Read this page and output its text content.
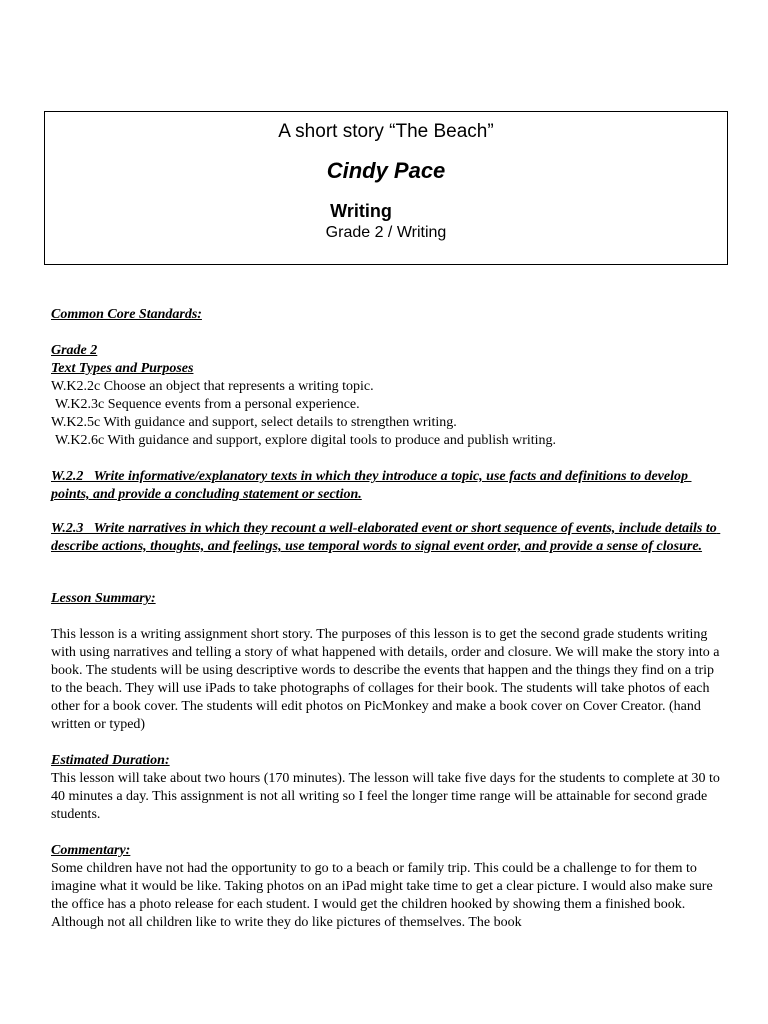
A short story “The Beach”
Cindy Pace
Writing
Grade 2 / Writing

Common Core Standards:

Grade 2

Text Types and Purposes

W.K2.2c Choose an object that represents a writing topic.

W.K2.3c Sequence events from a personal experience.

W.K2.5c With guidance and support, select details to strengthen writing.

W.K2.6c With guidance and support, explore digital tools to produce and publish writing.

W.2.2   Write informative/explanatory texts in which they introduce a topic, use facts and definitions to develop points, and provide a concluding statement or section.

W.2.3   Write narratives in which they recount a well-elaborated event or short sequence of events, include details to describe actions, thoughts, and feelings, use temporal words to signal event order, and provide a sense of closure.

Lesson Summary:

This lesson is a writing assignment short story. The purposes of this lesson is to get the second grade students writing with using narratives and telling a story of what happened with details, order and closure. We will make the story into a book. The students will be using descriptive words to describe the events that happen and the things they find on a trip to the beach. They will use iPads to take photographs of collages for their book. The students will take photos of each other for a book cover. The students will edit photos on PicMonkey and make a book cover on Cover Creator. (hand written or typed)

Estimated Duration:

This lesson will take about two hours (170 minutes). The lesson will take five days for the students to complete at 30 to 40 minutes a day. This assignment is not all writing so I feel the longer time range will be attainable for second grade students.

Commentary:

Some children have not had the opportunity to go to a beach or family trip. This could be a challenge to for them to imagine what it would be like. Taking photos on an iPad might take time to get a clear picture. I would also make sure the office has a photo release for each student. I would get the children hooked by showing them a finished book. Although not all children like to write they do like pictures of themselves. The book
